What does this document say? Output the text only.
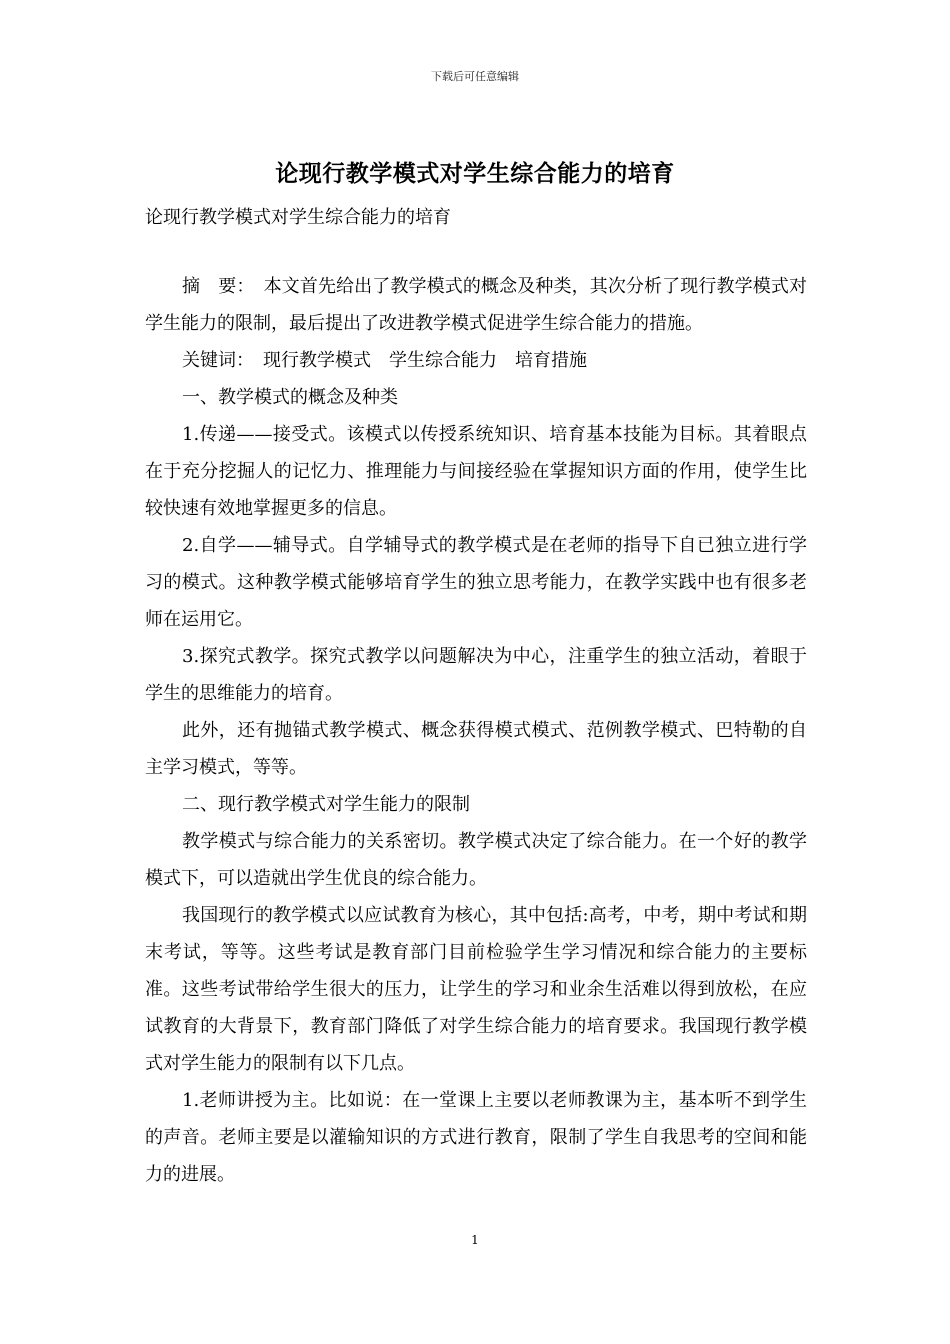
下载后可任意编辑
论现行教学模式对学生综合能力的培育
论现行教学模式对学生综合能力的培育

摘　要：　本文首先给出了教学模式的概念及种类，其次分析了现行教学模式对学生能力的限制，最后提出了改进教学模式促进学生综合能力的措施。

关键词：　现行教学模式　学生综合能力　培育措施

一、教学模式的概念及种类

1.传递——接受式。该模式以传授系统知识、培育基本技能为目标。其着眼点在于充分挖掘人的记忆力、推理能力与间接经验在掌握知识方面的作用，使学生比较快速有效地掌握更多的信息。

2.自学——辅导式。自学辅导式的教学模式是在老师的指导下自已独立进行学习的模式。这种教学模式能够培育学生的独立思考能力，在教学实践中也有很多老师在运用它。

3.探究式教学。探究式教学以问题解决为中心，注重学生的独立活动，着眼于学生的思维能力的培育。

此外，还有抛锚式教学模式、概念获得模式模式、范例教学模式、巴特勒的自主学习模式，等等。

二、现行教学模式对学生能力的限制

教学模式与综合能力的关系密切。教学模式决定了综合能力。在一个好的教学模式下，可以造就出学生优良的综合能力。

我国现行的教学模式以应试教育为核心，其中包括:高考，中考，期中考试和期末考试，等等。这些考试是教育部门目前检验学生学习情况和综合能力的主要标准。这些考试带给学生很大的压力，让学生的学习和业余生活难以得到放松，在应试教育的大背景下，教育部门降低了对学生综合能力的培育要求。我国现行教学模式对学生能力的限制有以下几点。

1.老师讲授为主。比如说：在一堂课上主要以老师教课为主，基本听不到学生的声音。老师主要是以灌输知识的方式进行教育，限制了学生自我思考的空间和能力的进展。

1
